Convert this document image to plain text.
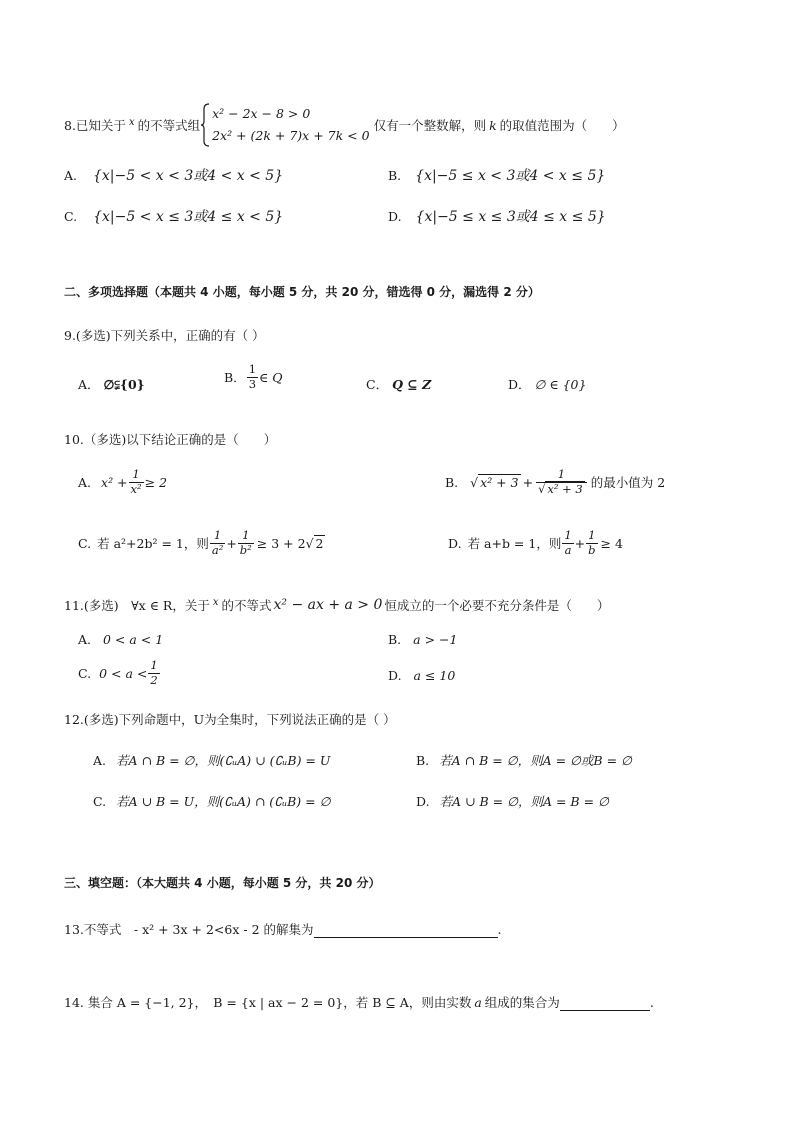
8.已知关于 x 的不等式组
x² − 2x − 8 > 0
2x² + (2k + 7)x + 7k < 0
仅有一个整数解，则 k 的取值范围为（　　）
A. {x|−5 < x < 3或4 < x < 5}	B. {x|−5 ≤ x < 3或4 < x ≤ 5}
C. {x|−5 < x ≤ 3或4 ≤ x < 5}	D. {x|−5 ≤ x ≤ 3或4 ≤ x ≤ 5}
二、多项选择题（本题共 4 小题，每小题 5 分，共 20 分，错选得 0 分，漏选得 2 分）
9.(多选)下列关系中，正确的有（ ）
A． ∅⫋{0}	B． $\frac{1}{3}$ ∈ Q	C． Q ⊆ Z	D． ∅ ∈ {0}
10.（多选)以下结论正确的是（　　）
A. $x^2 + \frac{1}{\text{x²}} \ge 2$	B. √ $x^2 + 3 + \frac{1}{\text{√ x² + 3}}$ 的最小值为 2
C. 若 a²+2b² = 1，则 $\frac{1}{\text{a²}} + \frac{1}{\text{b²}} \ge 3 + 2$ √ 2	D. 若 a+b = 1，则 $\frac{1}{a} + \frac{1}{b} \ge 4$
11.(多选)　∀x ∈ R，关于 x 的不等式 x² − ax + a > 0 恒成立的一个必要不充分条件是（　　）
A. 0 < a < 1	B. a > −1
C. $0 < a < \frac{1}{2}$	D. a ≤ 10
12.(多选)下列命题中，U为全集时，下列说法正确的是（ ）
A. 若A ∩ B = ∅，则(∁ᵤA) ∪ (∁ᵤB) = U	B. 若A ∩ B = ∅，则A = ∅或B = ∅
C. 若A ∪ B = U，则(∁ᵤA) ∩ (∁ᵤB) = ∅	D. 若A ∪ B = ∅，则A = B = ∅
三、填空题：（本大题共 4 小题，每小题 5 分，共 20 分）
13.不等式　- x² + 3x + 2<6x - 2 的解集为	.
14. 集合 A = {−1, 2}，　B = {x | ax − 2 = 0}，若 B ⊆ A，则由实数 a 组成的集合为	.
